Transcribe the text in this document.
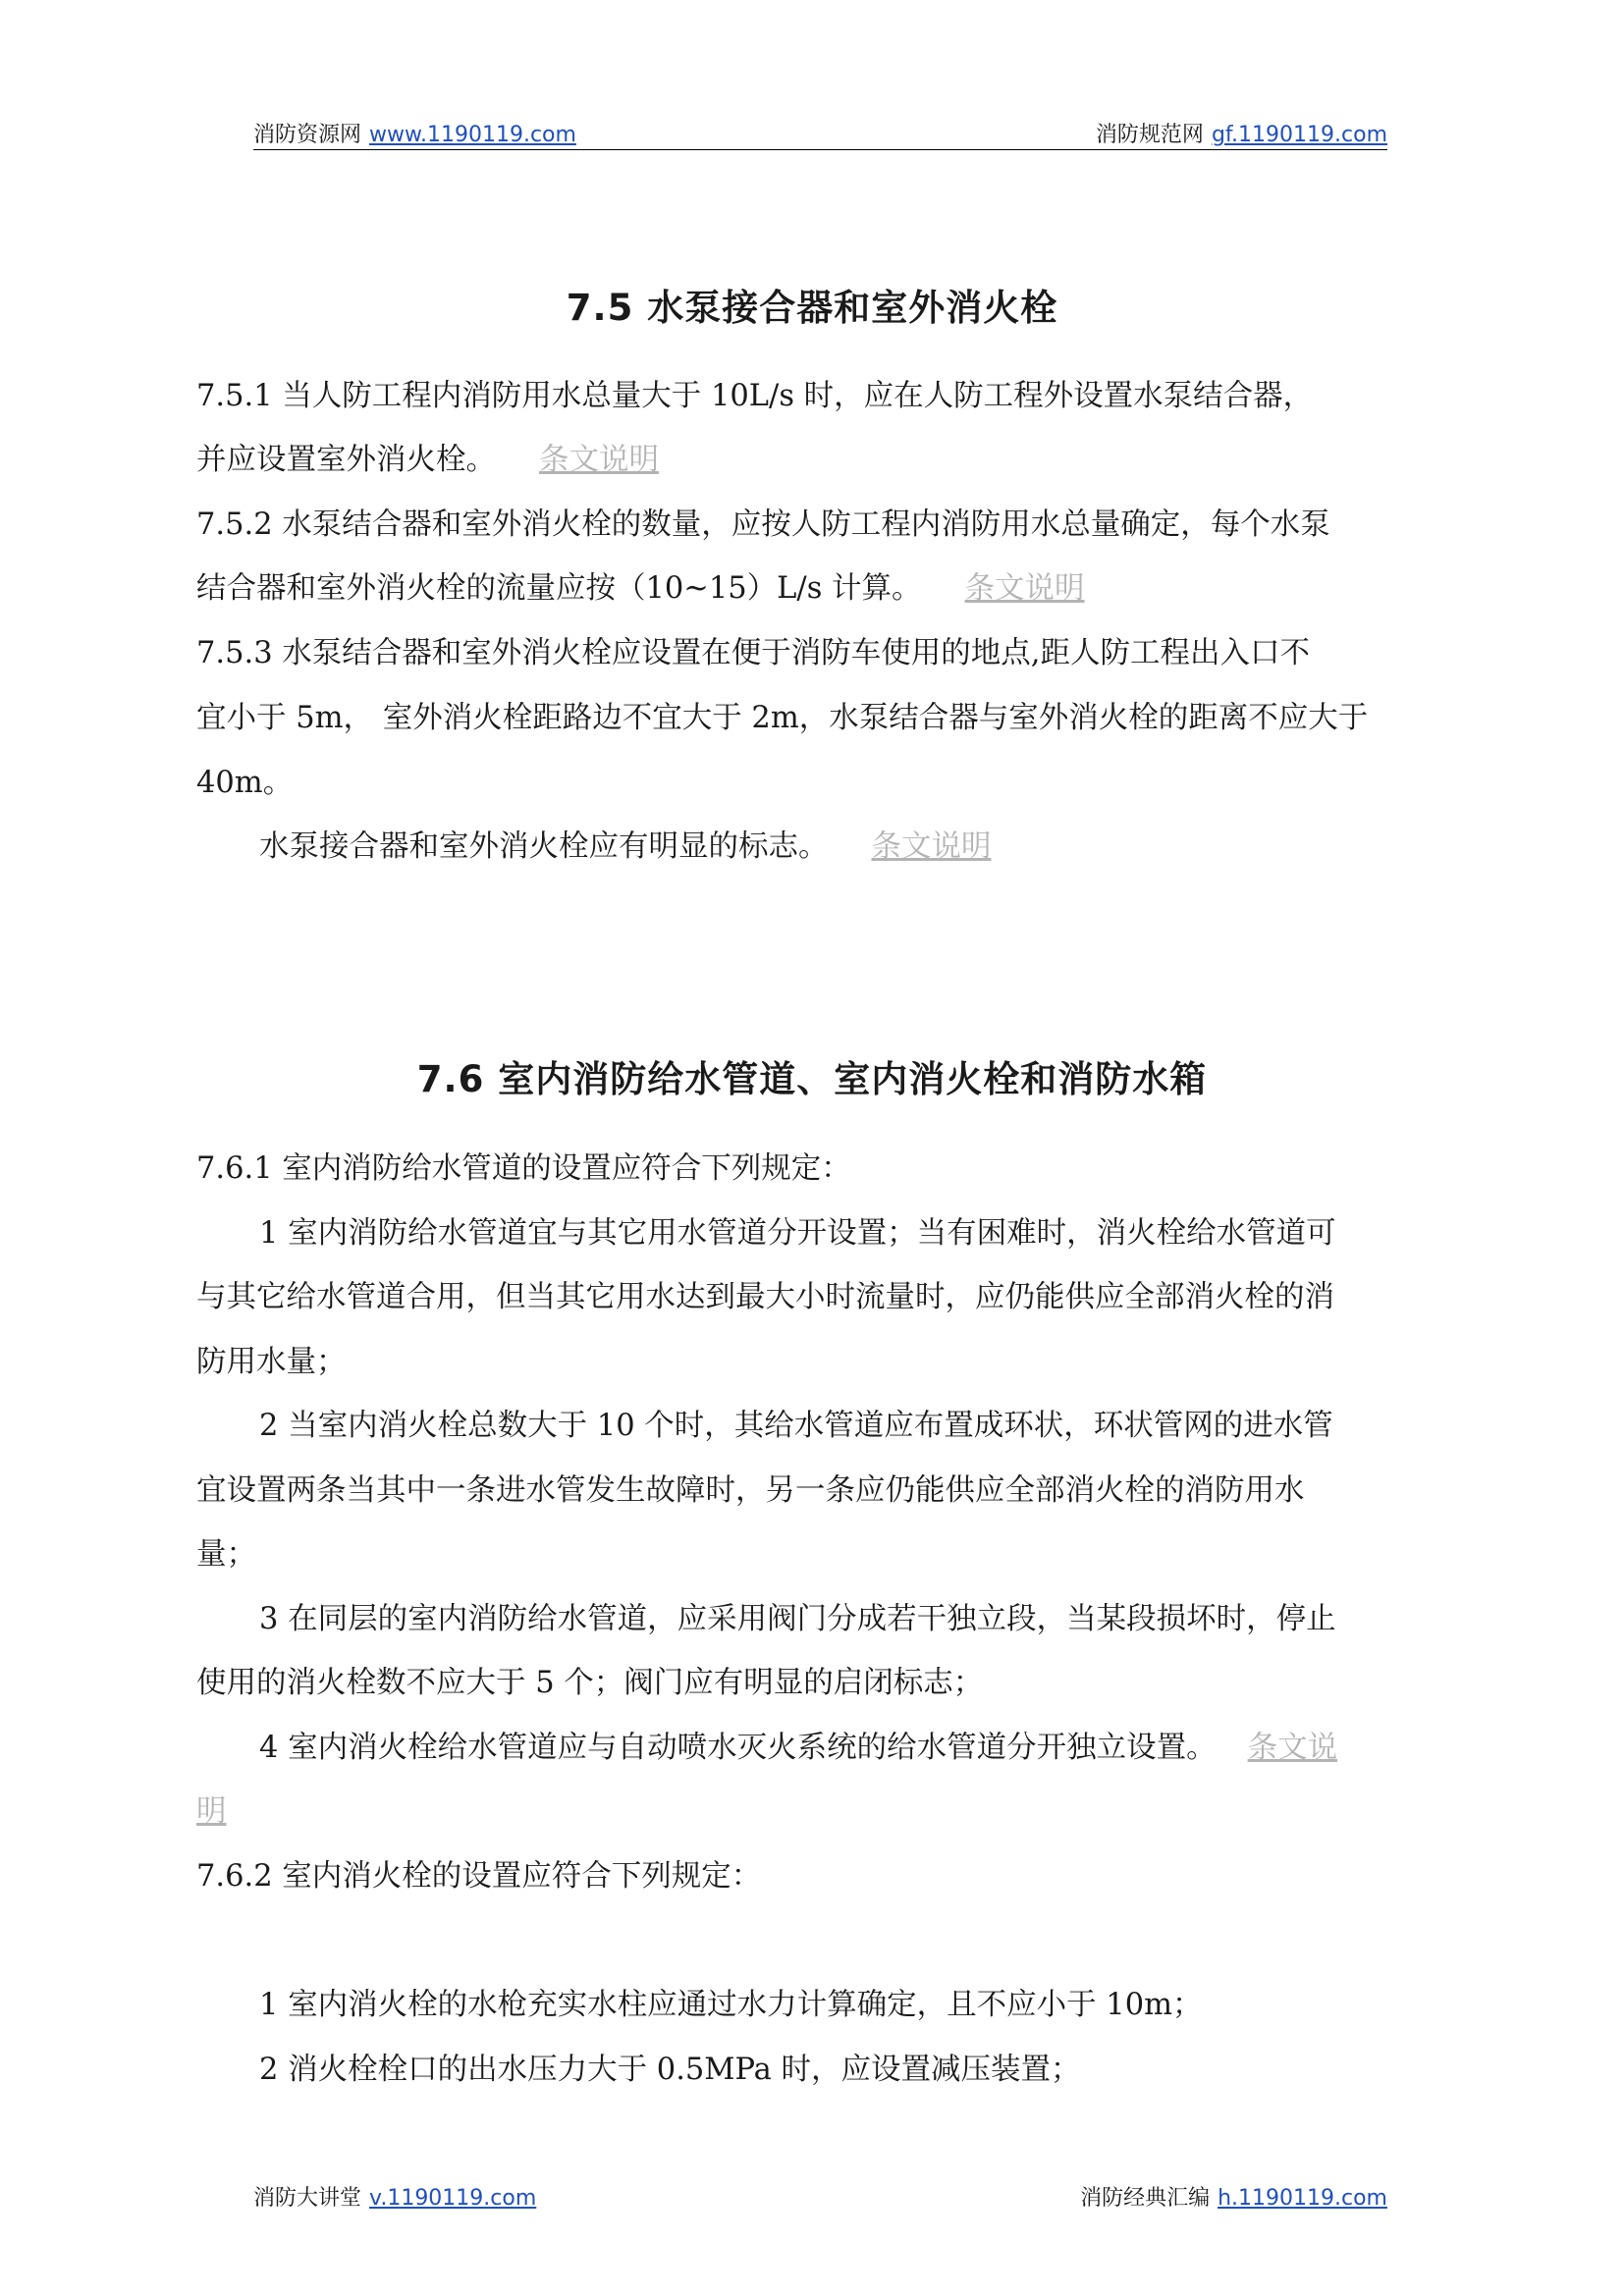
消防资源网 www.1190119.com	消防规范网 gf.1190119.com
7.5 水泵接合器和室外消火栓
7.5.1 当人防工程内消防用水总量大于 10L/s 时，应在人防工程外设置水泵结合器，
并应设置室外消火栓。 条文说明
7.5.2 水泵结合器和室外消火栓的数量，应按人防工程内消防用水总量确定，每个水泵
结合器和室外消火栓的流量应按（10~15）L/s 计算。 条文说明
7.5.3 水泵结合器和室外消火栓应设置在便于消防车使用的地点,距人防工程出入口不
宜小于 5m， 室外消火栓距路边不宜大于 2m，水泵结合器与室外消火栓的距离不应大于
40m。
水泵接合器和室外消火栓应有明显的标志。 条文说明
7.6 室内消防给水管道、室内消火栓和消防水箱
7.6.1 室内消防给水管道的设置应符合下列规定：
1 室内消防给水管道宜与其它用水管道分开设置；当有困难时，消火栓给水管道可
与其它给水管道合用，但当其它用水达到最大小时流量时，应仍能供应全部消火栓的消
防用水量；
2 当室内消火栓总数大于 10 个时，其给水管道应布置成环状，环状管网的进水管
宜设置两条当其中一条进水管发生故障时，另一条应仍能供应全部消火栓的消防用水
量；
3 在同层的室内消防给水管道，应采用阀门分成若干独立段，当某段损坏时，停止
使用的消火栓数不应大于 5 个；阀门应有明显的启闭标志；
4 室内消火栓给水管道应与自动喷水灭火系统的给水管道分开独立设置。 条文说
明
7.6.2 室内消火栓的设置应符合下列规定：
1 室内消火栓的水枪充实水柱应通过水力计算确定，且不应小于 10m；
2 消火栓栓口的出水压力大于 0.5MPa 时，应设置减压装置；
消防大讲堂 v.1190119.com	消防经典汇编 h.1190119.com
